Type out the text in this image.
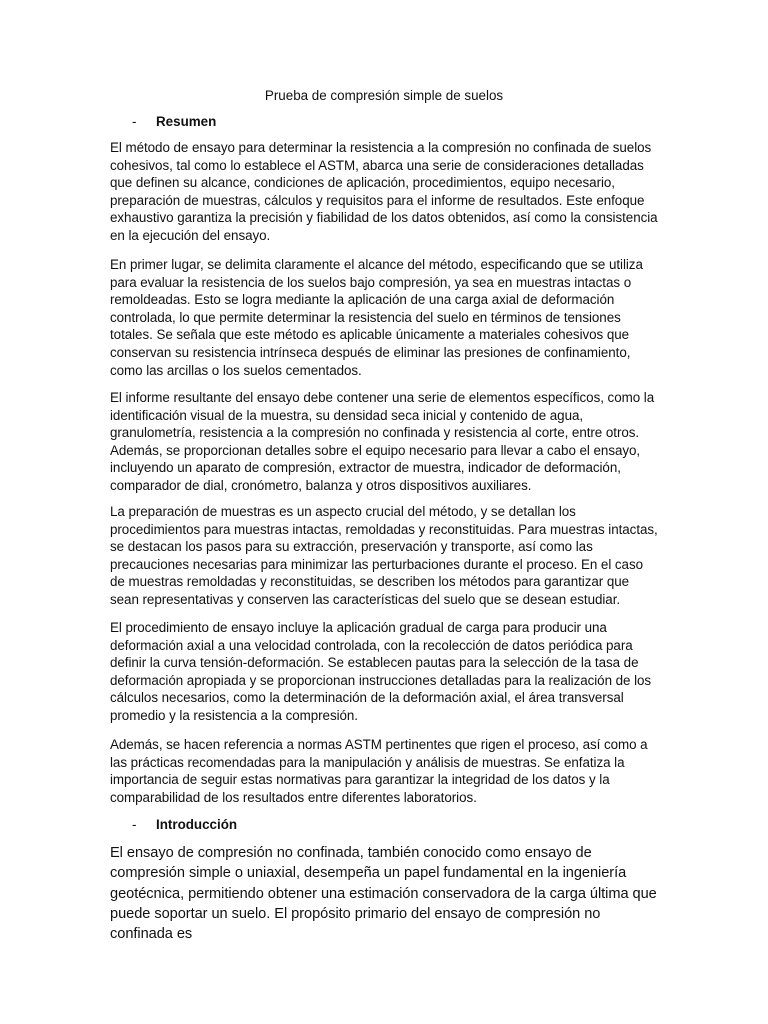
Prueba de compresión simple de suelos
- Resumen

El método de ensayo para determinar la resistencia a la compresión no confinada de suelos cohesivos, tal como lo establece el ASTM, abarca una serie de consideraciones detalladas que definen su alcance, condiciones de aplicación, procedimientos, equipo necesario, preparación de muestras, cálculos y requisitos para el informe de resultados. Este enfoque exhaustivo garantiza la precisión y fiabilidad de los datos obtenidos, así como la consistencia en la ejecución del ensayo.

En primer lugar, se delimita claramente el alcance del método, especificando que se utiliza para evaluar la resistencia de los suelos bajo compresión, ya sea en muestras intactas o remoldeadas. Esto se logra mediante la aplicación de una carga axial de deformación controlada, lo que permite determinar la resistencia del suelo en términos de tensiones totales. Se señala que este método es aplicable únicamente a materiales cohesivos que conservan su resistencia intrínseca después de eliminar las presiones de confinamiento, como las arcillas o los suelos cementados.

El informe resultante del ensayo debe contener una serie de elementos específicos, como la identificación visual de la muestra, su densidad seca inicial y contenido de agua, granulometría, resistencia a la compresión no confinada y resistencia al corte, entre otros. Además, se proporcionan detalles sobre el equipo necesario para llevar a cabo el ensayo, incluyendo un aparato de compresión, extractor de muestra, indicador de deformación, comparador de dial, cronómetro, balanza y otros dispositivos auxiliares.

La preparación de muestras es un aspecto crucial del método, y se detallan los procedimientos para muestras intactas, remoldadas y reconstituidas. Para muestras intactas, se destacan los pasos para su extracción, preservación y transporte, así como las precauciones necesarias para minimizar las perturbaciones durante el proceso. En el caso de muestras remoldadas y reconstituidas, se describen los métodos para garantizar que sean representativas y conserven las características del suelo que se desean estudiar.

El procedimiento de ensayo incluye la aplicación gradual de carga para producir una deformación axial a una velocidad controlada, con la recolección de datos periódica para definir la curva tensión-deformación. Se establecen pautas para la selección de la tasa de deformación apropiada y se proporcionan instrucciones detalladas para la realización de los cálculos necesarios, como la determinación de la deformación axial, el área transversal promedio y la resistencia a la compresión.

Además, se hacen referencia a normas ASTM pertinentes que rigen el proceso, así como a las prácticas recomendadas para la manipulación y análisis de muestras. Se enfatiza la importancia de seguir estas normativas para garantizar la integridad de los datos y la comparabilidad de los resultados entre diferentes laboratorios.

- Introducción

El ensayo de compresión no confinada, también conocido como ensayo de compresión simple o uniaxial, desempeña un papel fundamental en la ingeniería geotécnica, permitiendo obtener una estimación conservadora de la carga última que puede soportar un suelo. El propósito primario del ensayo de compresión no confinada es
